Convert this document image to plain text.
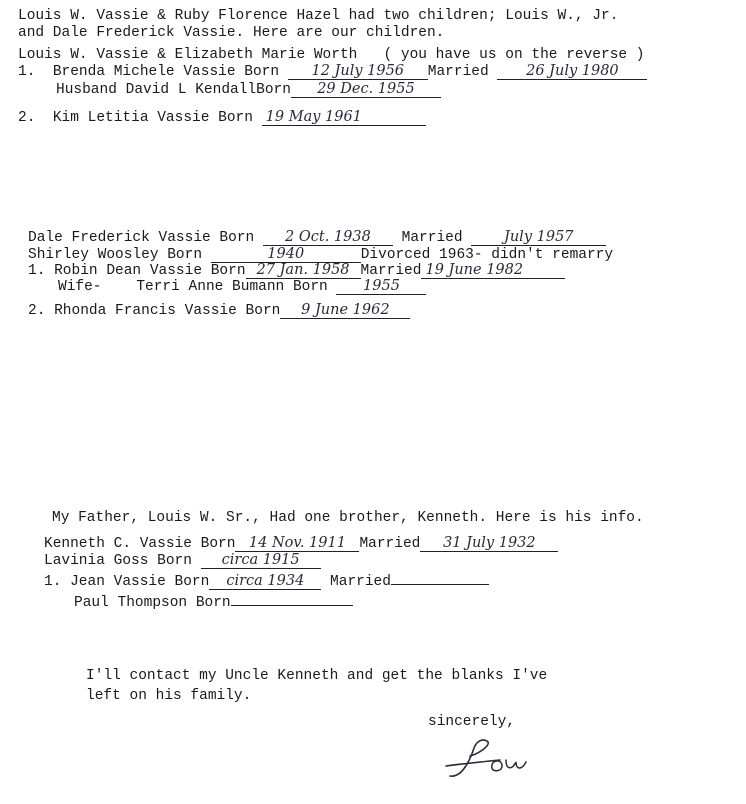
Louis W. Vassie & Ruby Florence Hazel had two children; Louis W., Jr.
and Dale Frederick Vassie. Here are our children.
Louis W. Vassie & Elizabeth Marie Worth ( you have us on the reverse )
1. Brenda Michele Vassie Born 12 July 1956 Married	26 July 1980
Husband David L KendallBorn 29 Dec. 1955
2. Kim Letitia Vassie Born 19 May 1961
Dale Frederick Vassie Born 2 Oct. 1938 Married	July 1957
Shirley Woosley Born	1940	Divorced 1963- didn't remarry
1. Robin Dean Vassie Born 27 Jan. 1958 Married 19 June 1982
Wife- Terri Anne Bumann Born 1955
2. Rhonda Francis Vassie Born 9 June 1962
My Father, Louis W. Sr., Had one brother, Kenneth. Here is his info.
Kenneth C. Vassie Born 14 Nov. 1911 Married 31 July 1932
Lavinia Goss Born circa 1915
1. Jean Vassie Born circa 1934 Married
Paul Thompson Born
I'll contact my Uncle Kenneth and get the blanks I've
left on his family.
sincerely,
Lou
